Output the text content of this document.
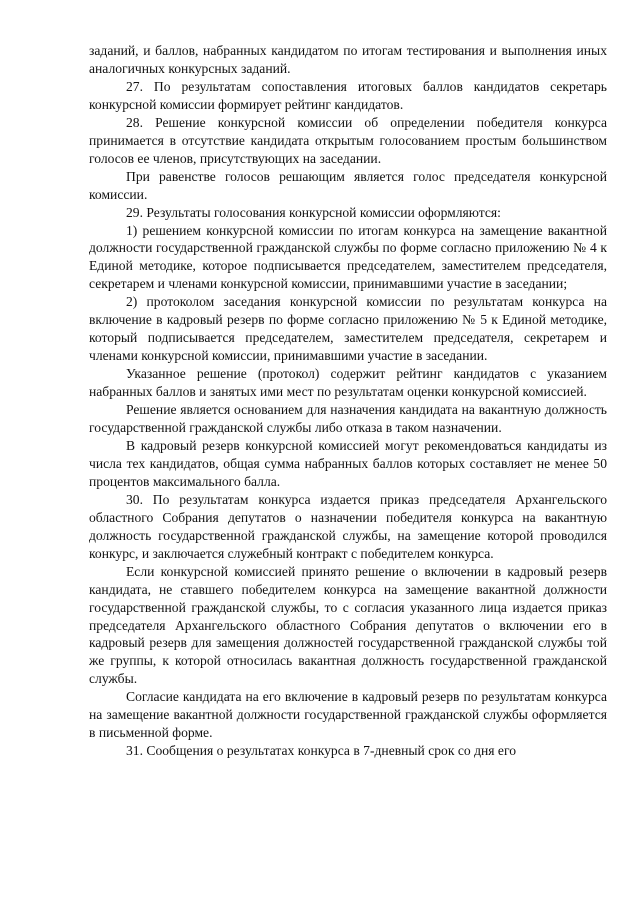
заданий, и баллов, набранных кандидатом по итогам тестирования и выполнения иных аналогичных конкурсных заданий.

27. По результатам сопоставления итоговых баллов кандидатов секретарь конкурсной комиссии формирует рейтинг кандидатов.

28. Решение конкурсной комиссии об определении победителя конкурса принимается в отсутствие кандидата открытым голосованием простым большинством голосов ее членов, присутствующих на заседании.

При равенстве голосов решающим является голос председателя конкурсной комиссии.

29. Результаты голосования конкурсной комиссии оформляются:

1) решением конкурсной комиссии по итогам конкурса на замещение вакантной должности государственной гражданской службы по форме согласно приложению № 4 к Единой методике, которое подписывается председателем, заместителем председателя, секретарем и членами конкурсной комиссии, принимавшими участие в заседании;

2) протоколом заседания конкурсной комиссии по результатам конкурса на включение в кадровый резерв по форме согласно приложению № 5 к Единой методике, который подписывается председателем, заместителем председателя, секретарем и членами конкурсной комиссии, принимавшими участие в заседании.

Указанное решение (протокол) содержит рейтинг кандидатов с указанием набранных баллов и занятых ими мест по результатам оценки конкурсной комиссией.

Решение является основанием для назначения кандидата на вакантную должность государственной гражданской службы либо отказа в таком назначении.

В кадровый резерв конкурсной комиссией могут рекомендоваться кандидаты из числа тех кандидатов, общая сумма набранных баллов которых составляет не менее 50 процентов максимального балла.

30. По результатам конкурса издается приказ председателя Архангельского областного Собрания депутатов о назначении победителя конкурса на вакантную должность государственной гражданской службы, на замещение которой проводился конкурс, и заключается служебный контракт с победителем конкурса.

Если конкурсной комиссией принято решение о включении в кадровый резерв кандидата, не ставшего победителем конкурса на замещение вакантной должности государственной гражданской службы, то с согласия указанного лица издается приказ председателя Архангельского областного Собрания депутатов о включении его в кадровый резерв для замещения должностей государственной гражданской службы той же группы, к которой относилась вакантная должность государственной гражданской службы.

Согласие кандидата на его включение в кадровый резерв по результатам конкурса на замещение вакантной должности государственной гражданской службы оформляется в письменной форме.

31. Сообщения о результатах конкурса в 7-дневный срок со дня его
